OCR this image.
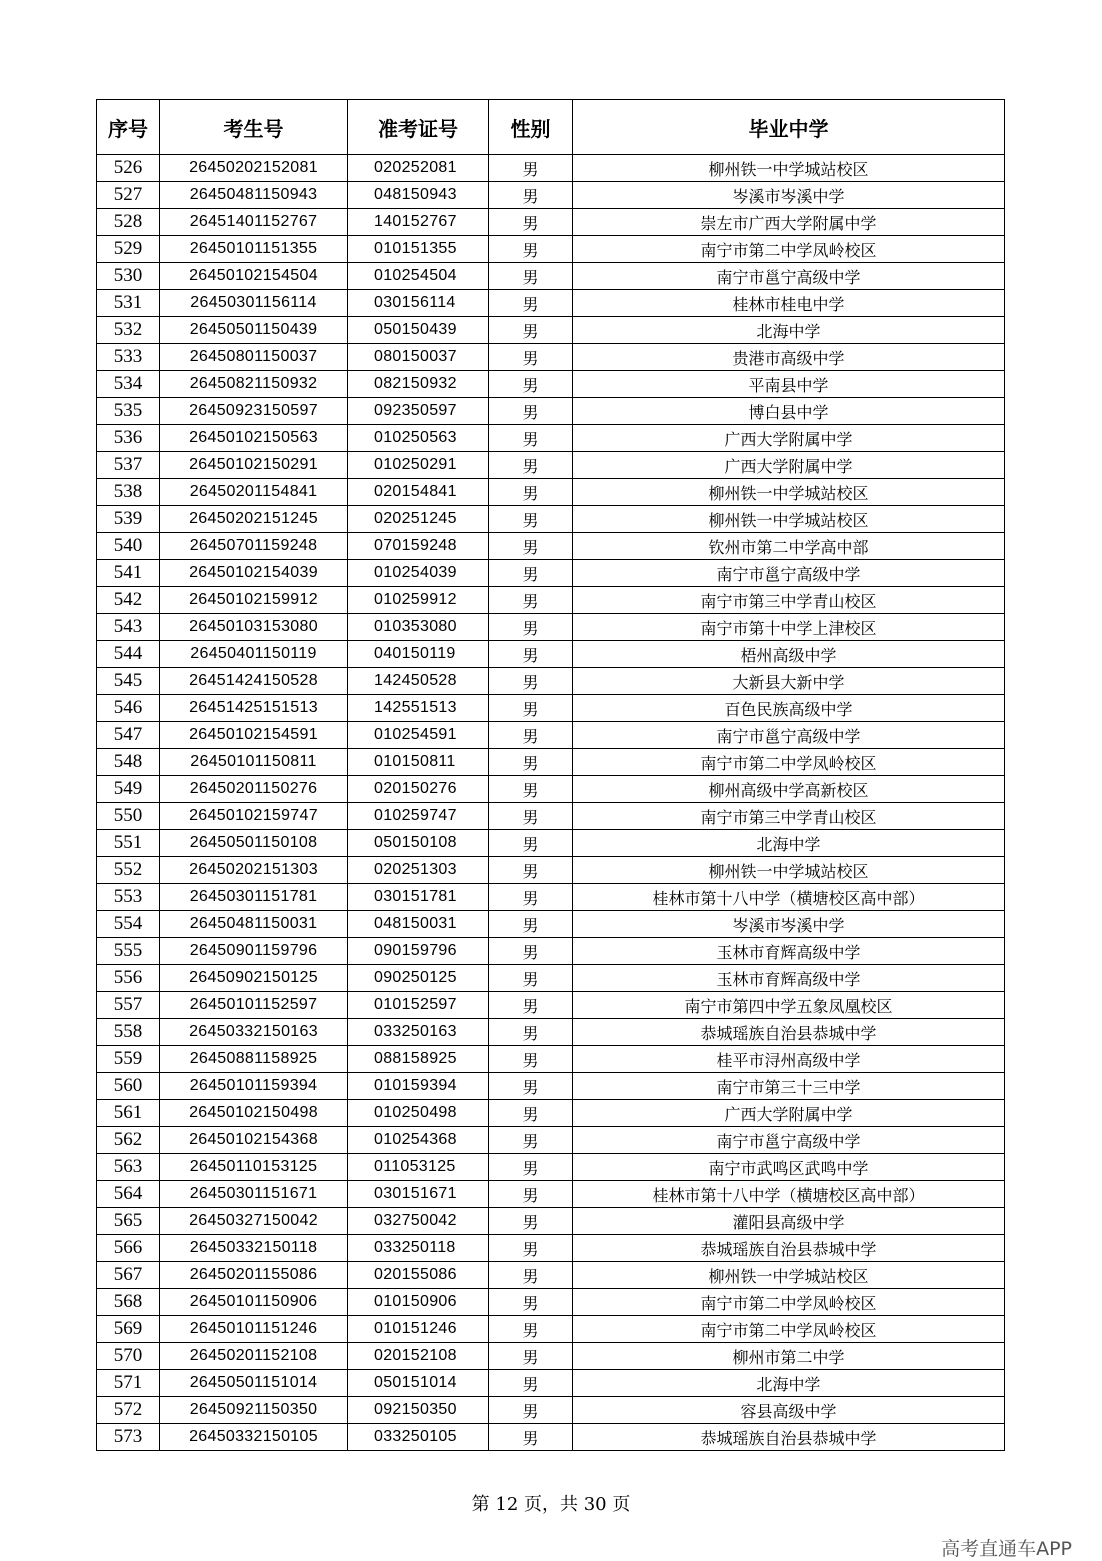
序号	考生号	准考证号	性别	毕业中学
526	26450202152081	020252081	男	柳州铁一中学城站校区
527	26450481150943	048150943	男	岑溪市岑溪中学
528	26451401152767	140152767	男	崇左市广西大学附属中学
529	26450101151355	010151355	男	南宁市第二中学凤岭校区
530	26450102154504	010254504	男	南宁市邕宁高级中学
531	26450301156114	030156114	男	桂林市桂电中学
532	26450501150439	050150439	男	北海中学
533	26450801150037	080150037	男	贵港市高级中学
534	26450821150932	082150932	男	平南县中学
535	26450923150597	092350597	男	博白县中学
536	26450102150563	010250563	男	广西大学附属中学
537	26450102150291	010250291	男	广西大学附属中学
538	26450201154841	020154841	男	柳州铁一中学城站校区
539	26450202151245	020251245	男	柳州铁一中学城站校区
540	26450701159248	070159248	男	钦州市第二中学高中部
541	26450102154039	010254039	男	南宁市邕宁高级中学
542	26450102159912	010259912	男	南宁市第三中学青山校区
543	26450103153080	010353080	男	南宁市第十中学上津校区
544	26450401150119	040150119	男	梧州高级中学
545	26451424150528	142450528	男	大新县大新中学
546	26451425151513	142551513	男	百色民族高级中学
547	26450102154591	010254591	男	南宁市邕宁高级中学
548	26450101150811	010150811	男	南宁市第二中学凤岭校区
549	26450201150276	020150276	男	柳州高级中学高新校区
550	26450102159747	010259747	男	南宁市第三中学青山校区
551	26450501150108	050150108	男	北海中学
552	26450202151303	020251303	男	柳州铁一中学城站校区
553	26450301151781	030151781	男	桂林市第十八中学（横塘校区高中部）
554	26450481150031	048150031	男	岑溪市岑溪中学
555	26450901159796	090159796	男	玉林市育辉高级中学
556	26450902150125	090250125	男	玉林市育辉高级中学
557	26450101152597	010152597	男	南宁市第四中学五象凤凰校区
558	26450332150163	033250163	男	恭城瑶族自治县恭城中学
559	26450881158925	088158925	男	桂平市浔州高级中学
560	26450101159394	010159394	男	南宁市第三十三中学
561	26450102150498	010250498	男	广西大学附属中学
562	26450102154368	010254368	男	南宁市邕宁高级中学
563	26450110153125	011053125	男	南宁市武鸣区武鸣中学
564	26450301151671	030151671	男	桂林市第十八中学（横塘校区高中部）
565	26450327150042	032750042	男	灌阳县高级中学
566	26450332150118	033250118	男	恭城瑶族自治县恭城中学
567	26450201155086	020155086	男	柳州铁一中学城站校区
568	26450101150906	010150906	男	南宁市第二中学凤岭校区
569	26450101151246	010151246	男	南宁市第二中学凤岭校区
570	26450201152108	020152108	男	柳州市第二中学
571	26450501151014	050151014	男	北海中学
572	26450921150350	092150350	男	容县高级中学
573	26450332150105	033250105	男	恭城瑶族自治县恭城中学
第 12 页，共 30 页
高考直通车APP
